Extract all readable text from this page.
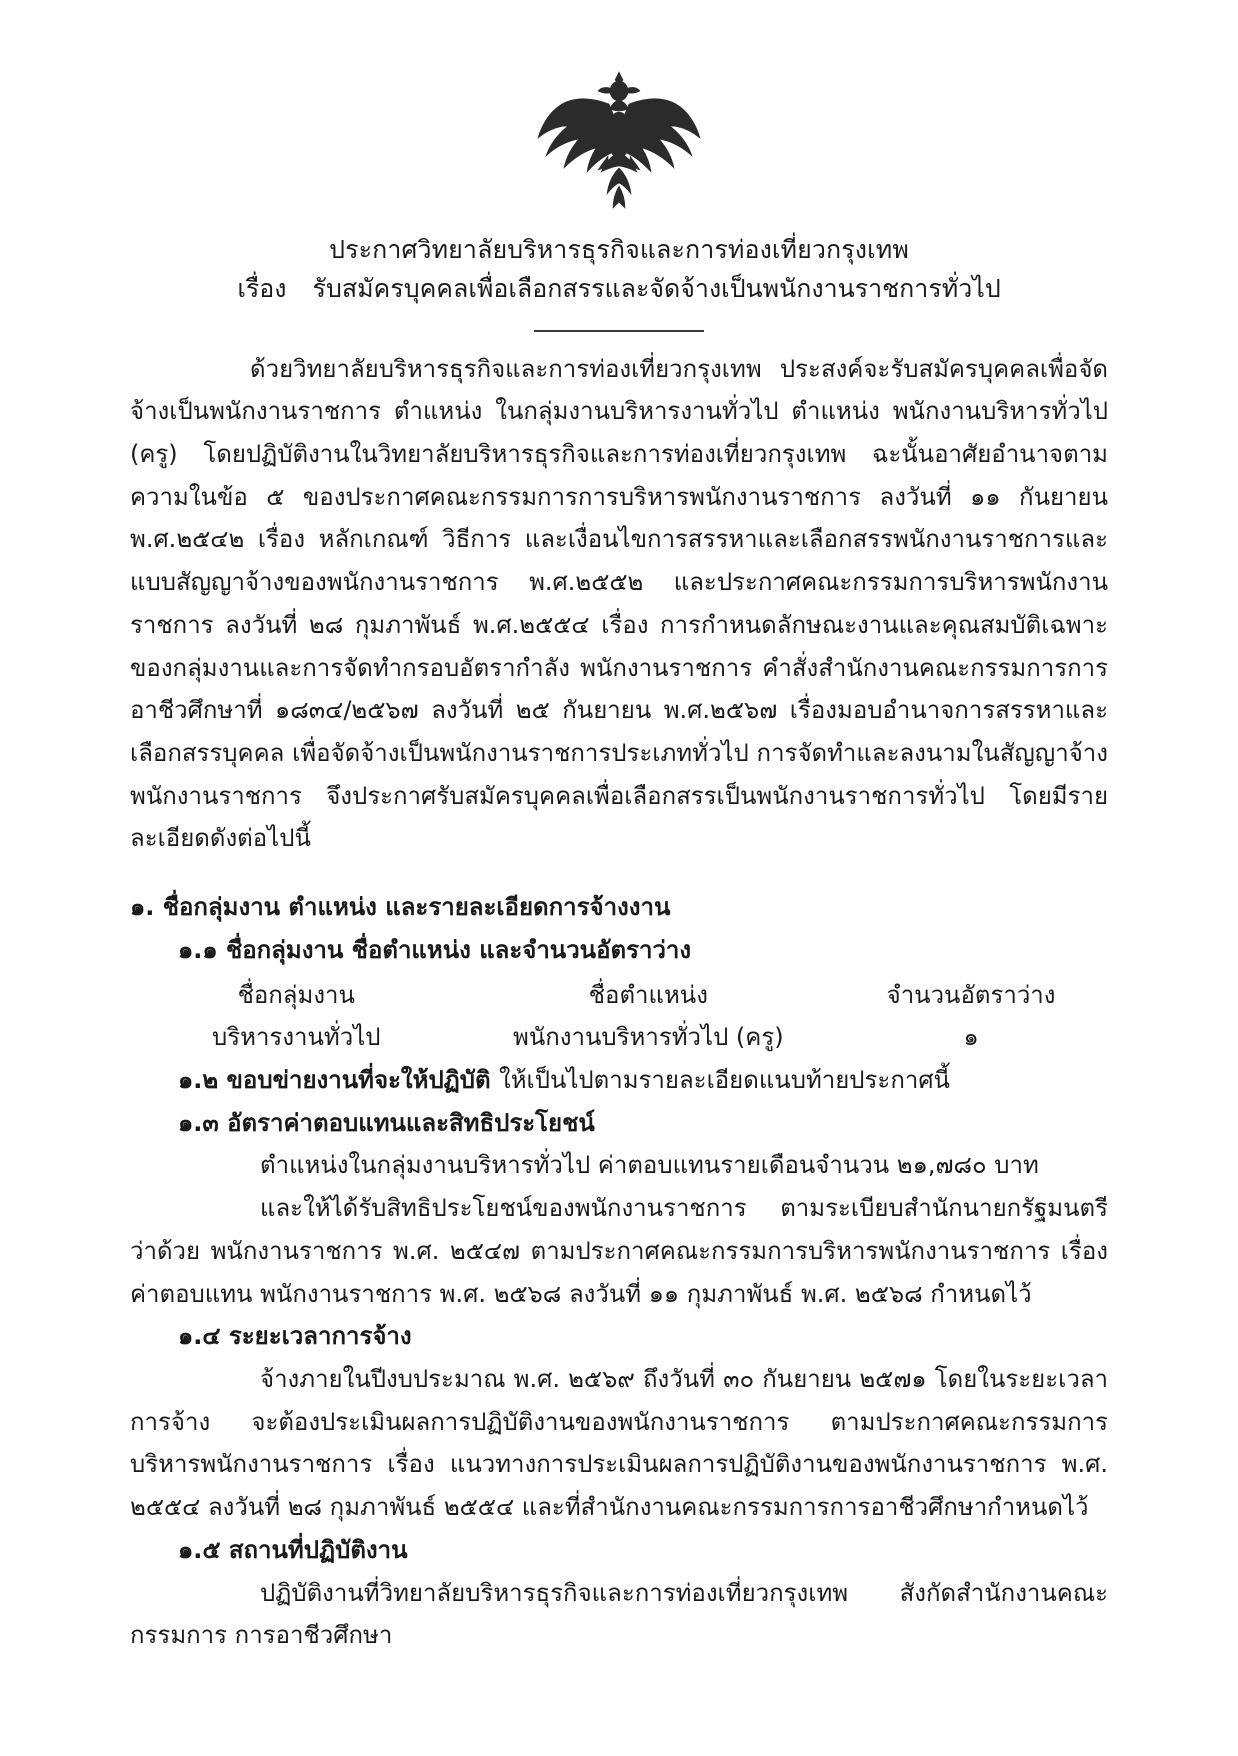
ประกาศวิทยาลัยบริหารธุรกิจและการท่องเที่ยวกรุงเทพ
เรื่อง รับสมัครบุคคลเพื่อเลือกสรรและจัดจ้างเป็นพนักงานราชการทั่วไป

ด้วยวิทยาลัยบริหารธุรกิจและการท่องเที่ยวกรุงเทพ ประสงค์จะรับสมัครบุคคลเพื่อจัดจ้างเป็นพนักงานราชการ ตำแหน่ง ในกลุ่มงานบริหารงานทั่วไป ตำแหน่ง พนักงานบริหารทั่วไป (ครู) โดยปฏิบัติงานในวิทยาลัยบริหารธุรกิจและการท่องเที่ยวกรุงเทพ ฉะนั้นอาศัยอำนาจตามความในข้อ ๕ ของประกาศคณะกรรมการการบริหารพนักงานราชการ ลงวันที่ ๑๑ กันยายน พ.ศ.๒๕๔๒ เรื่อง หลักเกณฑ์ วิธีการ และเงื่อนไขการสรรหาและเลือกสรรพนักงานราชการและแบบสัญญาจ้างของพนักงานราชการ พ.ศ.๒๕๕๒ และประกาศคณะกรรมการบริหารพนักงานราชการ ลงวันที่ ๒๘ กุมภาพันธ์ พ.ศ.๒๕๕๔ เรื่อง การกำหนดลักษณะงานและคุณสมบัติเฉพาะของกลุ่มงานและการจัดทำกรอบอัตรากำลัง พนักงานราชการ คำสั่งสำนักงานคณะกรรมการการอาชีวศึกษาที่ ๑๘๓๔/๒๕๖๗ ลงวันที่ ๒๕ กันยายน พ.ศ.๒๕๖๗ เรื่องมอบอำนาจการสรรหาและเลือกสรรบุคคล เพื่อจัดจ้างเป็นพนักงานราชการประเภททั่วไป การจัดทำและลงนามในสัญญาจ้างพนักงานราชการ จึงประกาศรับสมัครบุคคลเพื่อเลือกสรรเป็นพนักงานราชการทั่วไป โดยมีรายละเอียดดังต่อไปนี้

๑. ชื่อกลุ่มงาน ตำแหน่ง และรายละเอียดการจ้างงาน
๑.๑ ชื่อกลุ่มงาน ชื่อตำแหน่ง และจำนวนอัตราว่าง
ชื่อกลุ่มงาน	ชื่อตำแหน่ง	จำนวนอัตราว่าง
บริหารงานทั่วไป	พนักงานบริหารทั่วไป (ครู)	๑
๑.๒ ขอบข่ายงานที่จะให้ปฏิบัติ ให้เป็นไปตามรายละเอียดแนบท้ายประกาศนี้
๑.๓ อัตราค่าตอบแทนและสิทธิประโยชน์

ตำแหน่งในกลุ่มงานบริหารทั่วไป ค่าตอบแทนรายเดือนจำนวน ๒๑,๗๘๐ บาท

และให้ได้รับสิทธิประโยชน์ของพนักงานราชการ ตามระเบียบสำนักนายกรัฐมนตรีว่าด้วย พนักงานราชการ พ.ศ. ๒๕๔๗ ตามประกาศคณะกรรมการบริหารพนักงานราชการ เรื่อง ค่าตอบแทน พนักงานราชการ พ.ศ. ๒๕๖๘ ลงวันที่ ๑๑ กุมภาพันธ์ พ.ศ. ๒๕๖๘ กำหนดไว้

๑.๔ ระยะเวลาการจ้าง

จ้างภายในปีงบประมาณ พ.ศ. ๒๕๖๙ ถึงวันที่ ๓๐ กันยายน ๒๕๗๑ โดยในระยะเวลาการจ้าง จะต้องประเมินผลการปฏิบัติงานของพนักงานราชการ ตามประกาศคณะกรรมการบริหารพนักงานราชการ เรื่อง แนวทางการประเมินผลการปฏิบัติงานของพนักงานราชการ พ.ศ. ๒๕๕๔ ลงวันที่ ๒๘ กุมภาพันธ์ ๒๕๕๔ และที่สำนักงานคณะกรรมการการอาชีวศึกษากำหนดไว้

๑.๕ สถานที่ปฏิบัติงาน

ปฏิบัติงานที่วิทยาลัยบริหารธุรกิจและการท่องเที่ยวกรุงเทพ สังกัดสำนักงานคณะกรรมการ การอาชีวศึกษา
